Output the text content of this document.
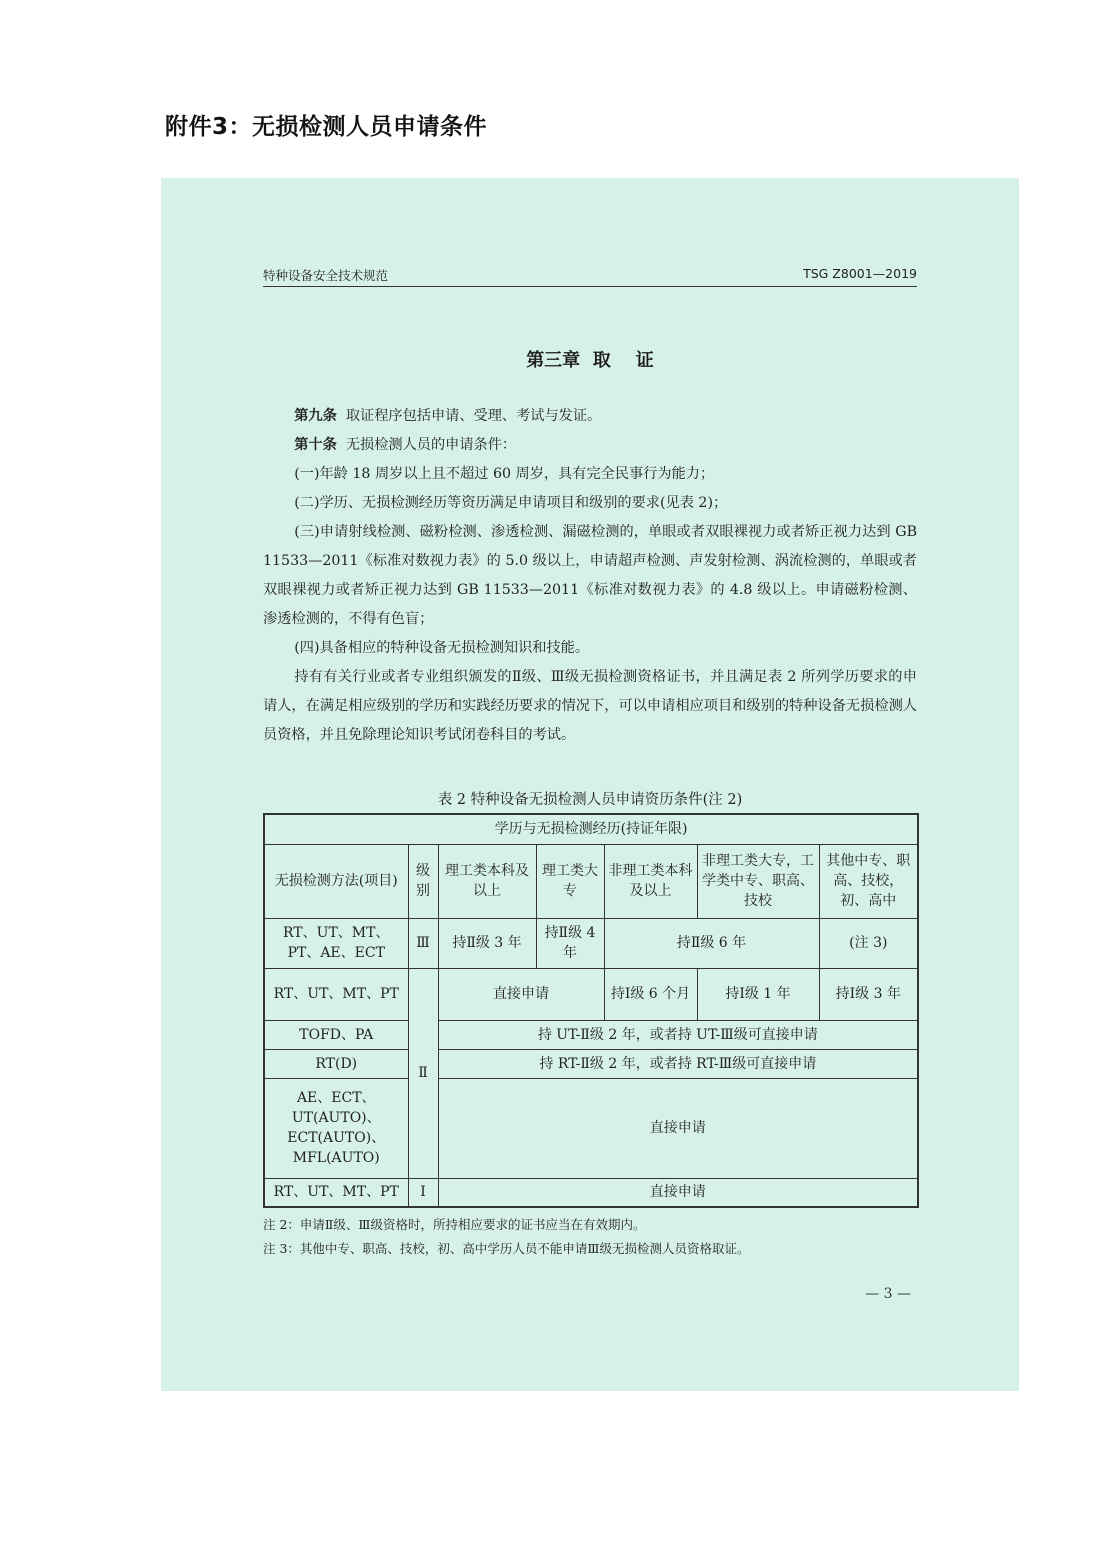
附件3：无损检测人员申请条件
特种设备安全技术规范	TSG Z8001—2019
第三章  取    证

第九条 取证程序包括申请、受理、考试与发证。

第十条 无损检测人员的申请条件：

(一)年龄 18 周岁以上且不超过 60 周岁，具有完全民事行为能力；

(二)学历、无损检测经历等资历满足申请项目和级别的要求(见表 2)；

(三)申请射线检测、磁粉检测、渗透检测、漏磁检测的，单眼或者双眼裸视力或者矫正视力达到 GB 11533—2011《标准对数视力表》的 5.0 级以上，申请超声检测、声发射检测、涡流检测的，单眼或者双眼裸视力或者矫正视力达到 GB 11533—2011《标准对数视力表》的 4.8 级以上。申请磁粉检测、渗透检测的，不得有色盲；

(四)具备相应的特种设备无损检测知识和技能。

持有有关行业或者专业组织颁发的Ⅱ级、Ⅲ级无损检测资格证书，并且满足表 2 所列学历要求的申请人，在满足相应级别的学历和实践经历要求的情况下，可以申请相应项目和级别的特种设备无损检测人员资格，并且免除理论知识考试闭卷科目的考试。

表 2 特种设备无损检测人员申请资历条件(注 2)
学历与无损检测经历(持证年限)						
无损检测方法(项目)	级别	理工类本科及以上	理工类大专	非理工类本科及以上	非理工类大专，工学类中专、职高、技校	其他中专、职高、技校，初、高中
RT、UT、MT、PT、AE、ECT	Ⅲ	持Ⅱ级 3 年	持Ⅱ级 4 年	持Ⅱ级 6 年		(注 3)
RT、UT、MT、PT	Ⅱ	直接申请		持Ⅰ级 6 个月	持Ⅰ级 1 年	持Ⅰ级 3 年
TOFD、PA		持 UT-Ⅱ级 2 年，或者持 UT-Ⅲ级可直接申请				
RT(D)		持 RT-Ⅱ级 2 年，或者持 RT-Ⅲ级可直接申请				
AE、ECT、UT(AUTO)、ECT(AUTO)、MFL(AUTO)		直接申请				
RT、UT、MT、PT	Ⅰ	直接申请				
注 2：申请Ⅱ级、Ⅲ级资格时，所持相应要求的证书应当在有效期内。
注 3：其他中专、职高、技校，初、高中学历人员不能申请Ⅲ级无损检测人员资格取证。
— 3 —
